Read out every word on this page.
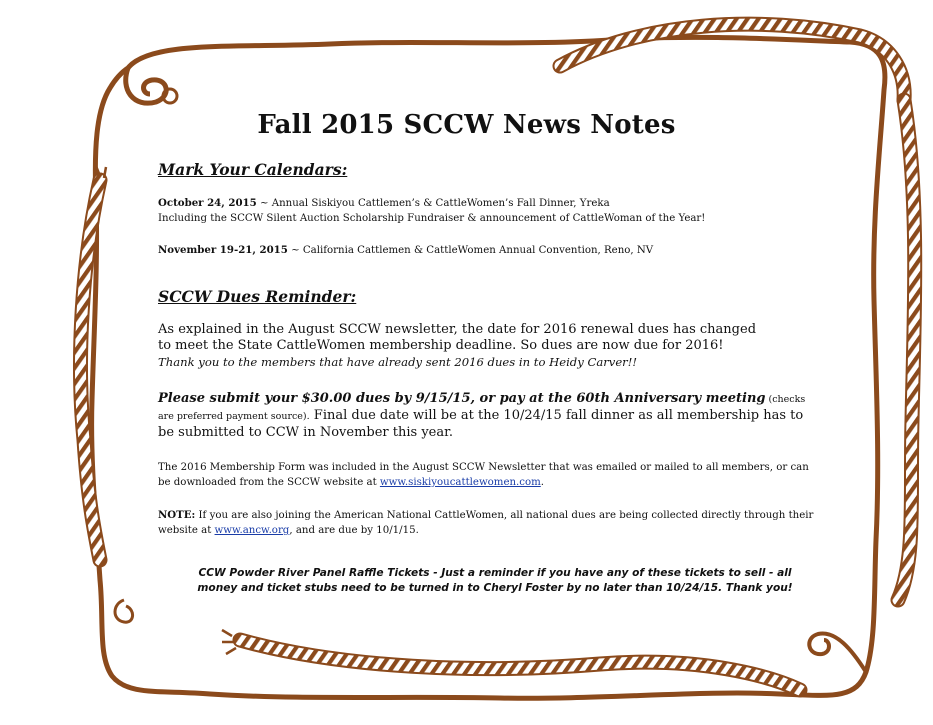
Fall 2015 SCCW News Notes
Mark Your Calendars:
October 24, 2015 ~ Annual Siskiyou Cattlemen’s & CattleWomen’s Fall Dinner, Yreka
Including the SCCW Silent Auction Scholarship Fundraiser & announcement of CattleWoman of the Year!
November 19-21, 2015 ~ California Cattlemen & CattleWomen Annual Convention, Reno, NV
SCCW Dues Reminder:
As explained in the August SCCW newsletter, the date for 2016 renewal dues has changed
to meet the State CattleWomen membership deadline. So dues are now due for 2016!
Thank you to the members that have already sent 2016 dues in to Heidy Carver!!
Please submit your $30.00 dues by 9/15/15, or pay at the 60th Anniversary meeting (checks are preferred payment source). Final due date will be at the 10/24/15 fall dinner as all membership has to be submitted to CCW in November this year.
The 2016 Membership Form was included in the August SCCW Newsletter that was emailed or mailed to all members, or can be downloaded from the SCCW website at www.siskiyoucattlewomen.com.
NOTE: If you are also joining the American National CattleWomen, all national dues are being collected directly through their website at www.ancw.org, and are due by 10/1/15.
CCW Powder River Panel Raffle Tickets - Just a reminder if you have any of these tickets to sell - all
money and ticket stubs need to be turned in to Cheryl Foster by no later than 10/24/15. Thank you!
